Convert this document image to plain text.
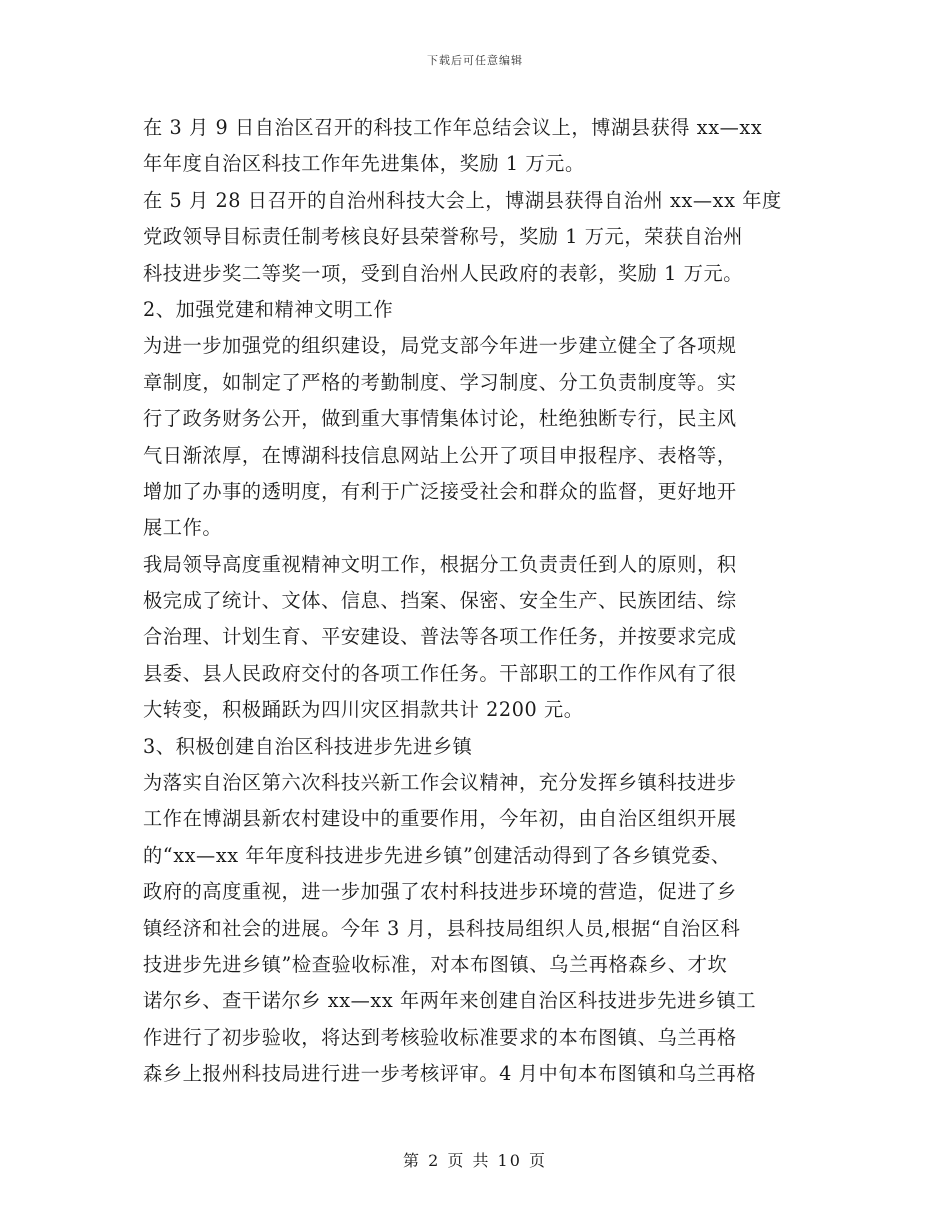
下载后可任意编辑
在 3 月 9 日自治区召开的科技工作年总结会议上，博湖县获得 xx—xx
年年度自治区科技工作年先进集体，奖励 1 万元。
在 5 月 28 日召开的自治州科技大会上，博湖县获得自治州 xx—xx 年度
党政领导目标责任制考核良好县荣誉称号，奖励 1 万元，荣获自治州
科技进步奖二等奖一项，受到自治州人民政府的表彰，奖励 1 万元。
2、加强党建和精神文明工作
为进一步加强党的组织建设，局党支部今年进一步建立健全了各项规
章制度，如制定了严格的考勤制度、学习制度、分工负责制度等。实
行了政务财务公开，做到重大事情集体讨论，杜绝独断专行，民主风
气日渐浓厚，在博湖科技信息网站上公开了项目申报程序、表格等，
增加了办事的透明度，有利于广泛接受社会和群众的监督，更好地开
展工作。
我局领导高度重视精神文明工作，根据分工负责责任到人的原则，积
极完成了统计、文体、信息、挡案、保密、安全生产、民族团结、综
合治理、计划生育、平安建设、普法等各项工作任务，并按要求完成
县委、县人民政府交付的各项工作任务。干部职工的工作作风有了很
大转变，积极踊跃为四川灾区捐款共计 2200 元。
3、积极创建自治区科技进步先进乡镇
为落实自治区第六次科技兴新工作会议精神，充分发挥乡镇科技进步
工作在博湖县新农村建设中的重要作用，今年初，由自治区组织开展
的“xx—xx 年年度科技进步先进乡镇”创建活动得到了各乡镇党委、
政府的高度重视，进一步加强了农村科技进步环境的营造，促进了乡
镇经济和社会的进展。今年 3 月，县科技局组织人员,根据“自治区科
技进步先进乡镇”检查验收标准，对本布图镇、乌兰再格森乡、才坎
诺尔乡、查干诺尔乡 xx—xx 年两年来创建自治区科技进步先进乡镇工
作进行了初步验收，将达到考核验收标准要求的本布图镇、乌兰再格
森乡上报州科技局进行进一步考核评审。4 月中旬本布图镇和乌兰再格
第 2 页 共 10 页
